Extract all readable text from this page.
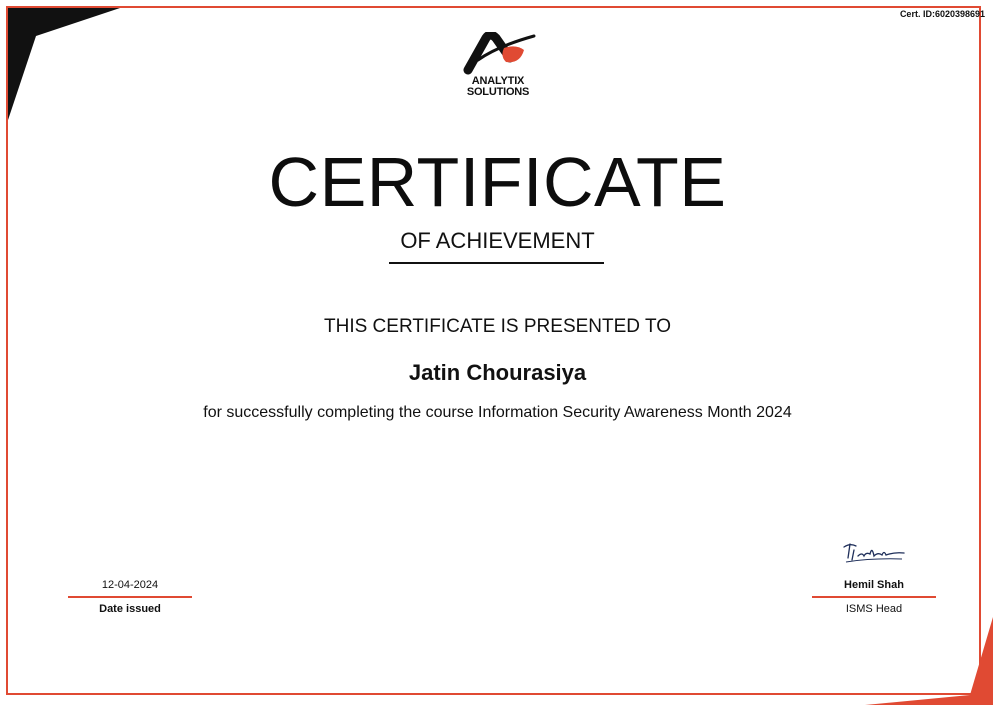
Cert. ID:6020398691
ANALYTIX
SOLUTIONS
CERTIFICATE
OF ACHIEVEMENT
THIS CERTIFICATE IS PRESENTED TO
Jatin Chourasiya
for successfully completing the course Information Security Awareness Month 2024
12-04-2024
Date issued
Hemil Shah
ISMS Head
